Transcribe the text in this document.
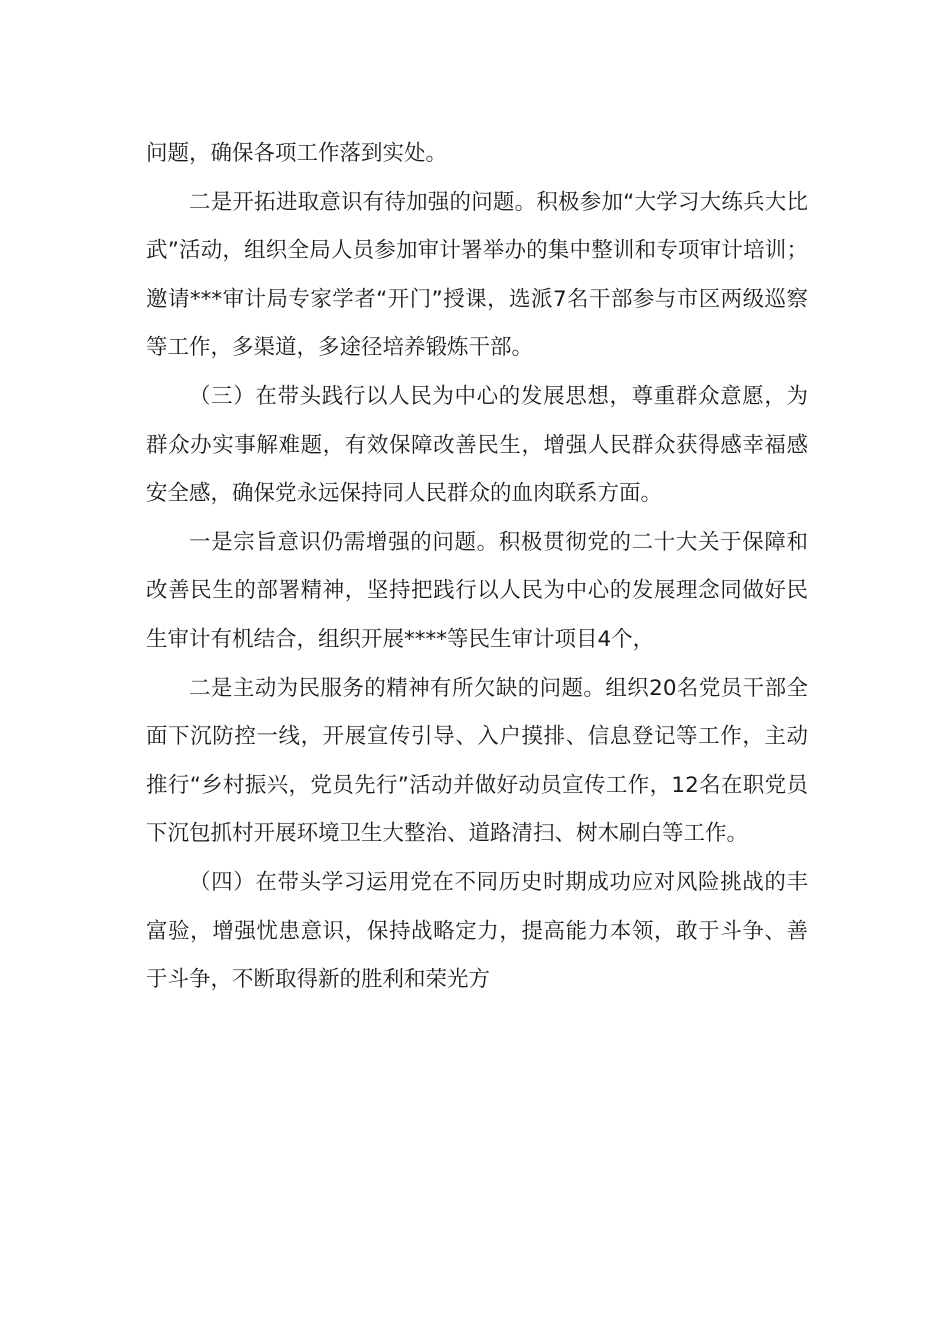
问题，确保各项工作落到实处。

二是开拓进取意识有待加强的问题。积极参加“大学习大练兵大比武”活动，组织全局人员参加审计署举办的集中整训和专项审计培训；邀请***审计局专家学者“开门”授课，选派7名干部参与市区两级巡察等工作，多渠道，多途径培养锻炼干部。

（三）在带头践行以人民为中心的发展思想，尊重群众意愿，为群众办实事解难题，有效保障改善民生，增强人民群众获得感幸福感安全感，确保党永远保持同人民群众的血肉联系方面。

一是宗旨意识仍需增强的问题。积极贯彻党的二十大关于保障和改善民生的部署精神，坚持把践行以人民为中心的发展理念同做好民生审计有机结合，组织开展****等民生审计项目4个，

二是主动为民服务的精神有所欠缺的问题。组织20名党员干部全面下沉防控一线，开展宣传引导、入户摸排、信息登记等工作，主动推行“乡村振兴，党员先行”活动并做好动员宣传工作，12名在职党员下沉包抓村开展环境卫生大整治、道路清扫、树木刷白等工作。

（四）在带头学习运用党在不同历史时期成功应对风险挑战的丰富验，增强忧患意识，保持战略定力，提高能力本领，敢于斗争、善于斗争，不断取得新的胜利和荣光方
